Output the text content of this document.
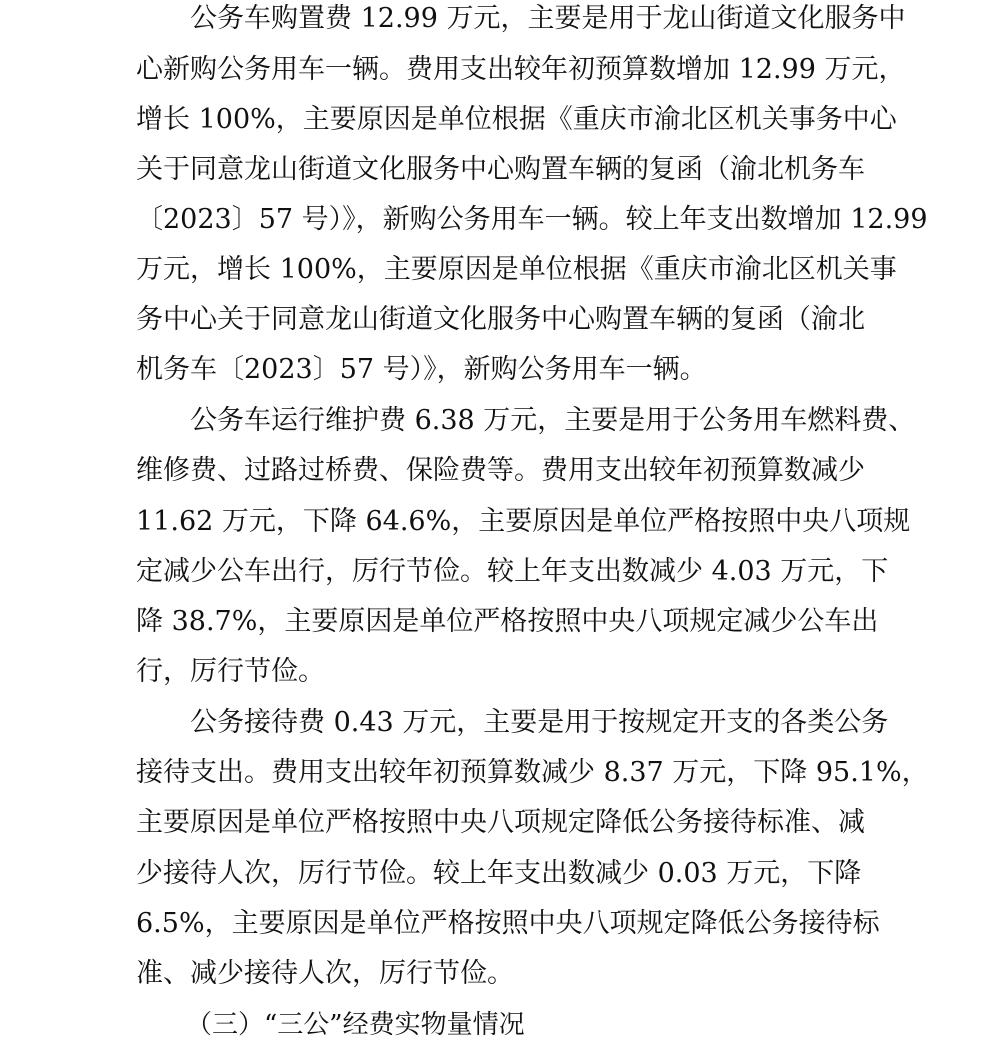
公务车购置费 12.99 万元，主要是用于龙山街道文化服务中

心新购公务用车一辆。费用支出较年初预算数增加 12.99 万元，

增长 100%，主要原因是单位根据《重庆市渝北区机关事务中心

关于同意龙山街道文化服务中心购置车辆的复函（渝北机务车

〔2023〕57 号）》，新购公务用车一辆。较上年支出数增加 12.99

万元，增长 100%，主要原因是单位根据《重庆市渝北区机关事

务中心关于同意龙山街道文化服务中心购置车辆的复函（渝北

机务车〔2023〕57 号）》，新购公务用车一辆。

公务车运行维护费 6.38 万元，主要是用于公务用车燃料费、

维修费、过路过桥费、保险费等。费用支出较年初预算数减少

11.62 万元，下降 64.6%，主要原因是单位严格按照中央八项规

定减少公车出行，厉行节俭。较上年支出数减少 4.03 万元，下

降 38.7%，主要原因是单位严格按照中央八项规定减少公车出

行，厉行节俭。

公务接待费 0.43 万元，主要是用于按规定开支的各类公务

接待支出。费用支出较年初预算数减少 8.37 万元，下降 95.1%，

主要原因是单位严格按照中央八项规定降低公务接待标准、减

少接待人次，厉行节俭。较上年支出数减少 0.03 万元，下降

6.5%，主要原因是单位严格按照中央八项规定降低公务接待标

准、减少接待人次，厉行节俭。

（三）“三公”经费实物量情况
